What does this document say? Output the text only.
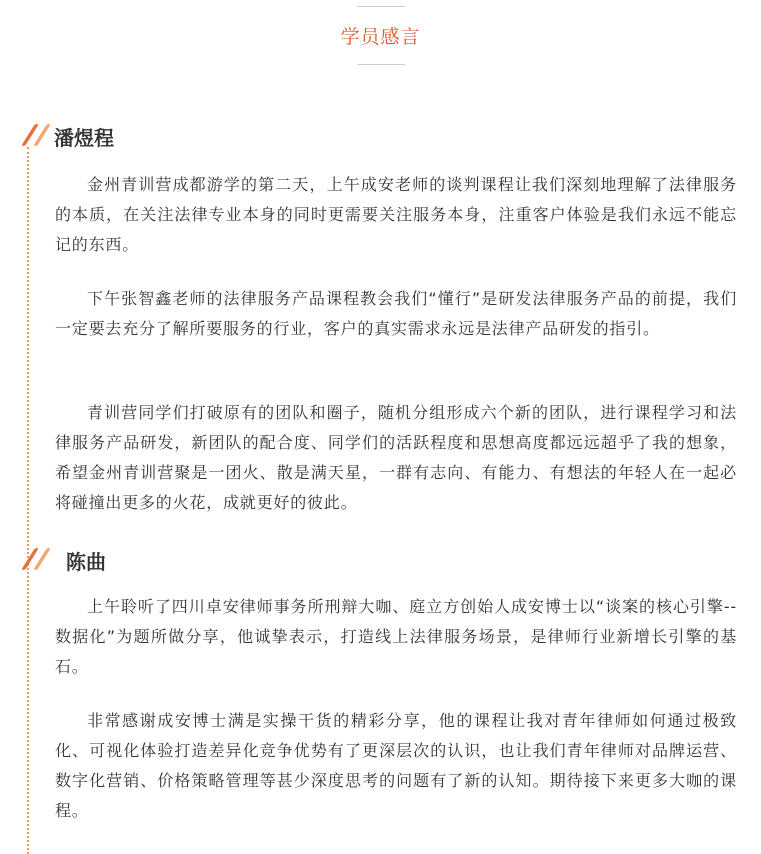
学员感言
潘煜程

金州青训营成都游学的第二天，上午成安老师的谈判课程让我们深刻地理解了法律服务的本质，在关注法律专业本身的同时更需要关注服务本身，注重客户体验是我们永远不能忘记的东西。

下午张智鑫老师的法律服务产品课程教会我们“懂行”是研发法律服务产品的前提，我们一定要去充分了解所要服务的行业，客户的真实需求永远是法律产品研发的指引。

青训营同学们打破原有的团队和圈子，随机分组形成六个新的团队，进行课程学习和法律服务产品研发，新团队的配合度、同学们的活跃程度和思想高度都远远超乎了我的想象，希望金州青训营聚是一团火、散是满天星，一群有志向、有能力、有想法的年轻人在一起必将碰撞出更多的火花，成就更好的彼此。

陈曲

上午聆听了四川卓安律师事务所刑辩大咖、庭立方创始人成安博士以“谈案的核心引擎--数据化”为题所做分享，他诚挚表示，打造线上法律服务场景，是律师行业新增长引擎的基石。

非常感谢成安博士满是实操干货的精彩分享，他的课程让我对青年律师如何通过极致化、可视化体验打造差异化竞争优势有了更深层次的认识，也让我们青年律师对品牌运营、数字化营销、价格策略管理等甚少深度思考的问题有了新的认知。期待接下来更多大咖的课程。
